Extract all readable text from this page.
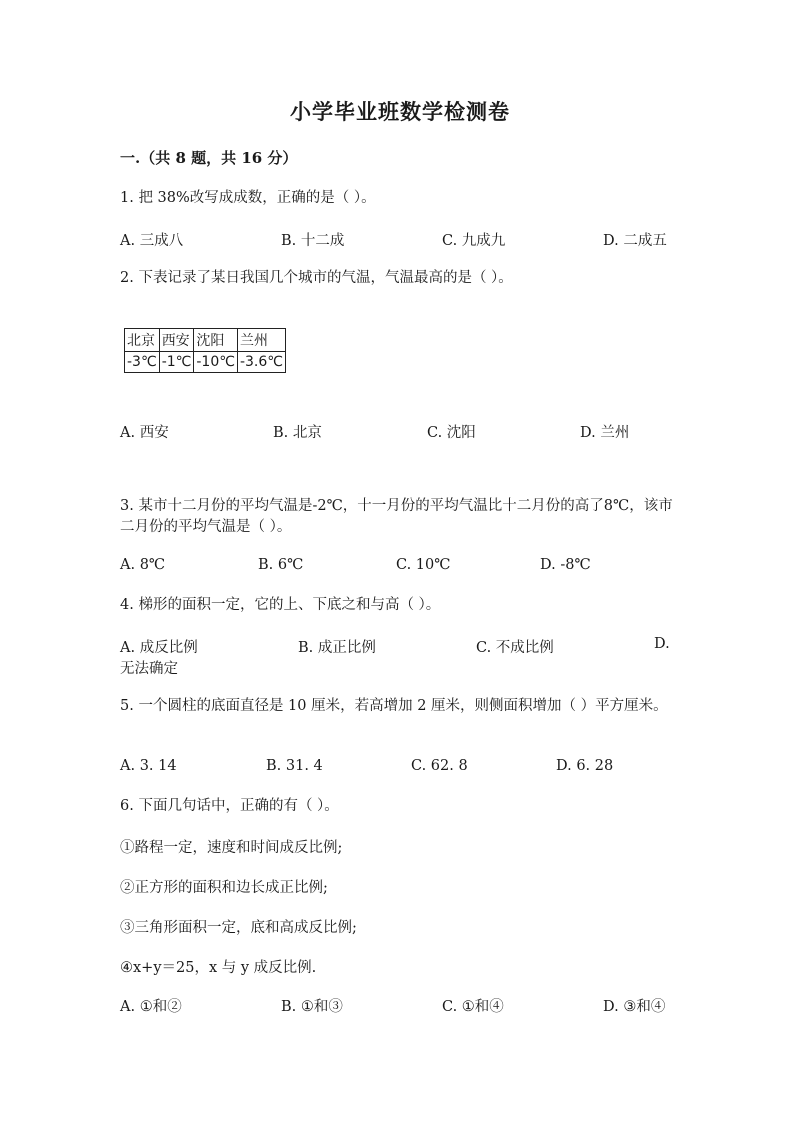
小学毕业班数学检测卷
一.（共 8 题，共 16 分）
1. 把 38%改写成成数，正确的是（ ）。
A. 三成八	B. 十二成	C. 九成九	D. 二成五
2. 下表记录了某日我国几个城市的气温，气温最高的是（ ）。
北京	西安	沈阳	兰州
-3℃	-1℃	-10℃	-3.6℃
A. 西安	B. 北京	C. 沈阳	D. 兰州
3. 某市十二月份的平均气温是-2℃，十一月份的平均气温比十二月份的高了8℃，该市二月份的平均气温是（ ）。
A. 8℃	B. 6℃	C. 10℃	D. -8℃
4. 梯形的面积一定，它的上、下底之和与高（ ）。
A. 成反比例	B. 成正比例	C. 不成比例	D.
无法确定
5. 一个圆柱的底面直径是 10 厘米，若高增加 2 厘米，则侧面积增加（ ）平方厘米。
A. 3. 14	B. 31. 4	C. 62. 8	D. 6. 28
6. 下面几句话中，正确的有（ ）。
①路程一定，速度和时间成反比例;
②正方形的面积和边长成正比例;
③三角形面积一定，底和高成反比例;
④x+y＝25，x 与 y 成反比例.
A. ①和②	B. ①和③	C. ①和④	D. ③和④
